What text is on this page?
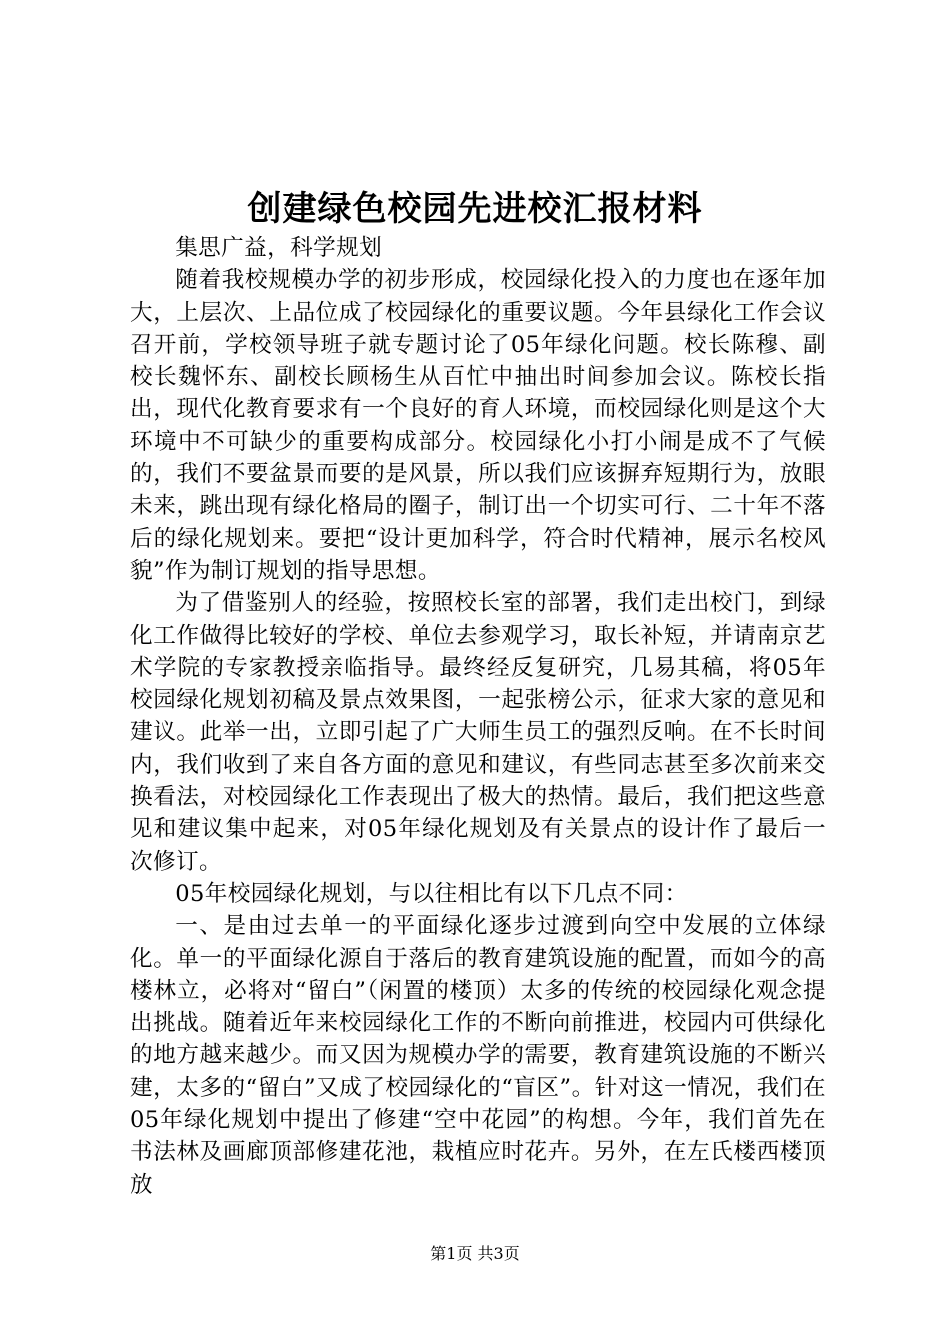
创建绿色校园先进校汇报材料

集思广益，科学规划

随着我校规模办学的初步形成，校园绿化投入的力度也在逐年加大，上层次、上品位成了校园绿化的重要议题。今年县绿化工作会议召开前，学校领导班子就专题讨论了05年绿化问题。校长陈穆、副校长魏怀东、副校长顾杨生从百忙中抽出时间参加会议。陈校长指出，现代化教育要求有一个良好的育人环境，而校园绿化则是这个大环境中不可缺少的重要构成部分。校园绿化小打小闹是成不了气候的，我们不要盆景而要的是风景，所以我们应该摒弃短期行为，放眼未来，跳出现有绿化格局的圈子，制订出一个切实可行、二十年不落后的绿化规划来。要把“设计更加科学，符合时代精神，展示名校风貌”作为制订规划的指导思想。

为了借鉴别人的经验，按照校长室的部署，我们走出校门，到绿化工作做得比较好的学校、单位去参观学习，取长补短，并请南京艺术学院的专家教授亲临指导。最终经反复研究，几易其稿，将05年校园绿化规划初稿及景点效果图，一起张榜公示，征求大家的意见和建议。此举一出，立即引起了广大师生员工的强烈反响。在不长时间内，我们收到了来自各方面的意见和建议，有些同志甚至多次前来交换看法，对校园绿化工作表现出了极大的热情。最后，我们把这些意见和建议集中起来，对05年绿化规划及有关景点的设计作了最后一次修订。

05年校园绿化规划，与以往相比有以下几点不同：

一、是由过去单一的平面绿化逐步过渡到向空中发展的立体绿化。单一的平面绿化源自于落后的教育建筑设施的配置，而如今的高楼林立，必将对“留白”（闲置的楼顶）太多的传统的校园绿化观念提出挑战。随着近年来校园绿化工作的不断向前推进，校园内可供绿化的地方越来越少。而又因为规模办学的需要，教育建筑设施的不断兴建，太多的“留白”又成了校园绿化的“盲区”。针对这一情况，我们在05年绿化规划中提出了修建“空中花园”的构想。今年，我们首先在书法林及画廊顶部修建花池，栽植应时花卉。另外，在左氏楼西楼顶放

第1页 共3页
